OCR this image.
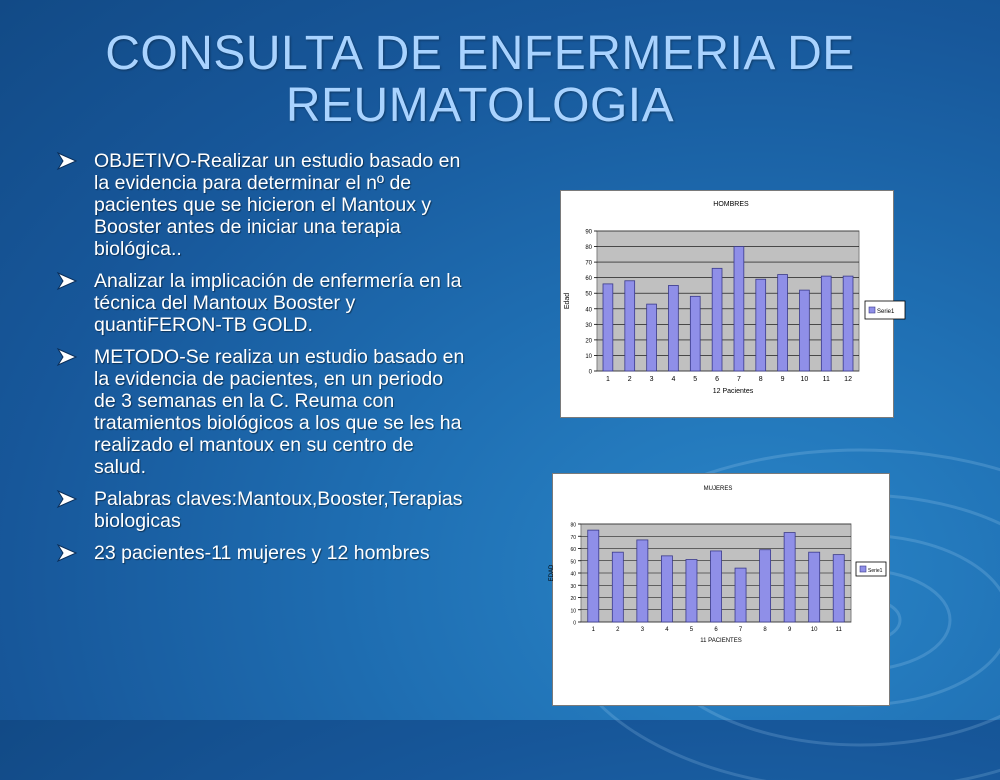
CONSULTA DE ENFERMERIA DE
REUMATOLOGIA
OBJETIVO-Realizar un estudio basado en la evidencia para determinar el nº de pacientes que se hicieron el Mantoux y Booster antes de iniciar una terapia biológica..
Analizar la implicación de enfermería en la técnica del Mantoux Booster y quantiFERON-TB GOLD.
METODO-Se realiza un estudio basado en la evidencia de pacientes, en un periodo de 3 semanas en la C. Reuma con tratamientos biológicos a los que se les ha realizado el mantoux en su centro de salud.
Palabras claves:Mantoux,Booster,Terapias biologicas
23 pacientes-11 mujeres y 12 hombres
HOMBRES
0
10
20
30
40
50
60
70
80
90
1	2	3	4	5	6	7	8	9 10 11 12
12 Pacientes
Edad
Serie1
MUJERES
0
10
20
30
40
50
60
70
80
1	2	3	4	5	6	7	8	9	10	11
11 PACIENTES
EDAD	Serie1
